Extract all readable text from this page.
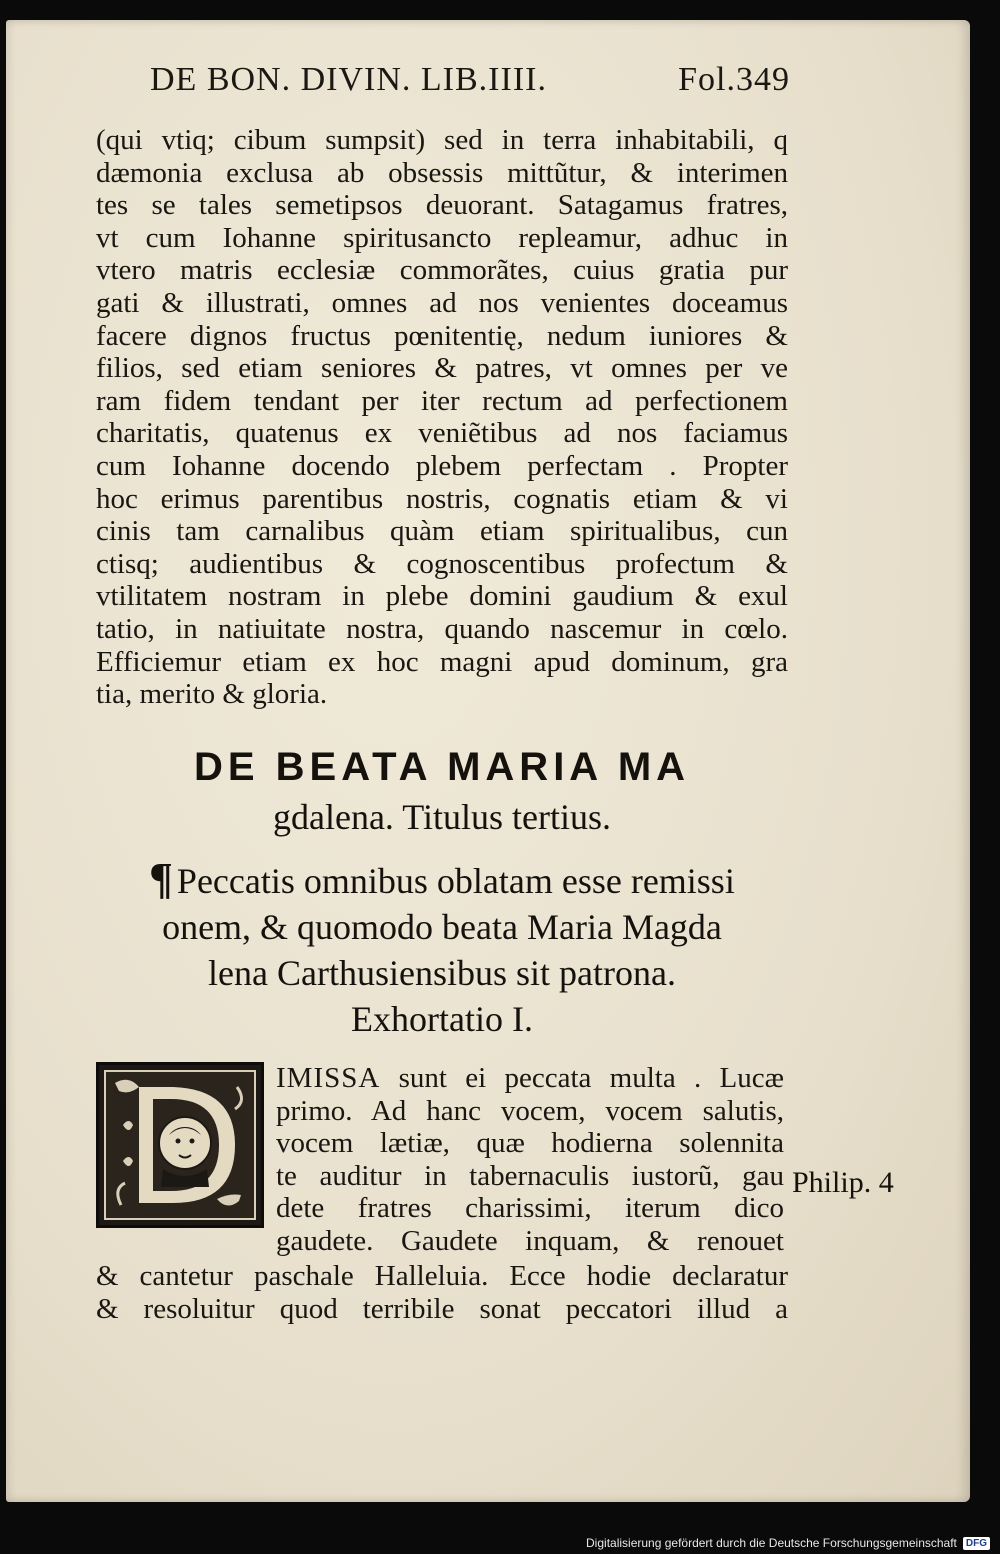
DE BON. DIVIN. LIB.IIII.	Fol.349
(qui vtiq; cibum sumpsit) sed in terra inhabitabili, q
dæmonia exclusa ab obsessis mittũtur, & interimen
tes se tales semetipsos deuorant. Satagamus fratres,
vt cum Iohanne spiritusancto repleamur, adhuc in
vtero matris ecclesiæ commorãtes, cuius gratia pur
gati & illustrati, omnes ad nos venientes doceamus
facere dignos fructus pœnitentię, nedum iuniores &
filios, sed etiam seniores & patres, vt omnes per ve
ram fidem tendant per iter rectum ad perfectionem
charitatis, quatenus ex veniẽtibus ad nos faciamus
cum Iohanne docendo plebem perfectam . Propter
hoc erimus parentibus nostris, cognatis etiam & vi
cinis tam carnalibus quàm etiam spiritualibus, cun
ctisq; audientibus & cognoscentibus profectum &
vtilitatem nostram in plebe domini gaudium & exul
tatio, in natiuitate nostra, quando nascemur in cœlo.
Efficiemur etiam ex hoc magni apud dominum, gra
tia, merito & gloria.
DE BEATA MARIA MA
gdalena. Titulus tertius.
¶ Peccatis omnibus oblatam esse remissi
onem, & quomodo beata Maria Magda
lena Carthusiensibus sit patrona.
Exhortatio I.
IMISSA sunt ei peccata multa . Lucæ
primo. Ad hanc vocem, vocem salutis,
vocem lætiæ, quæ hodierna solennita
te auditur in tabernaculis iustorũ, gau
dete fratres charissimi, iterum dico
gaudete. Gaudete inquam, & renouet
& cantetur paschale Halleluia. Ecce hodie declaratur
& resoluitur quod terribile sonat peccatori illud a
Philip. 4
Digitalisierung gefördert durch die Deutsche Forschungsgemeinschaft DFG
